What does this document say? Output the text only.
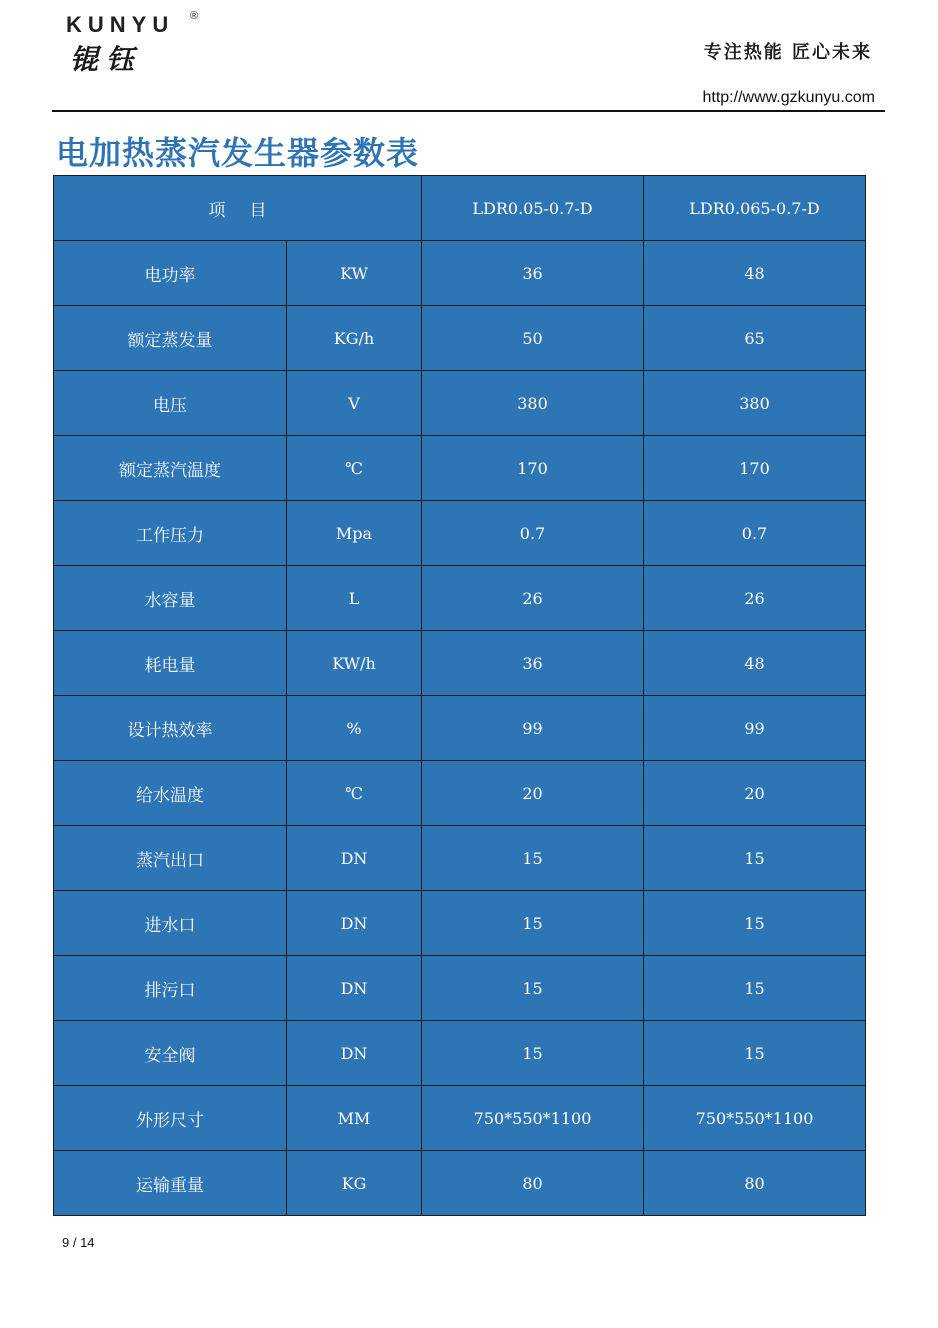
KUNYU ®
锟钰	专注热能 匠心未来
http://www.gzkunyu.com
电加热蒸汽发生器参数表
项目		LDR0.05-0.7-D	LDR0.065-0.7-D
电功率	KW	36	48
额定蒸发量	KG/h	50	65
电压	V	380	380
额定蒸汽温度	℃	170	170
工作压力	Mpa	0.7	0.7
水容量	L	26	26
耗电量	KW/h	36	48
设计热效率	%	99	99
给水温度	℃	20	20
蒸汽出口	DN	15	15
进水口	DN	15	15
排污口	DN	15	15
安全阀	DN	15	15
外形尺寸	MM	750*550*1100	750*550*1100
运输重量	KG	80	80
9 / 14
